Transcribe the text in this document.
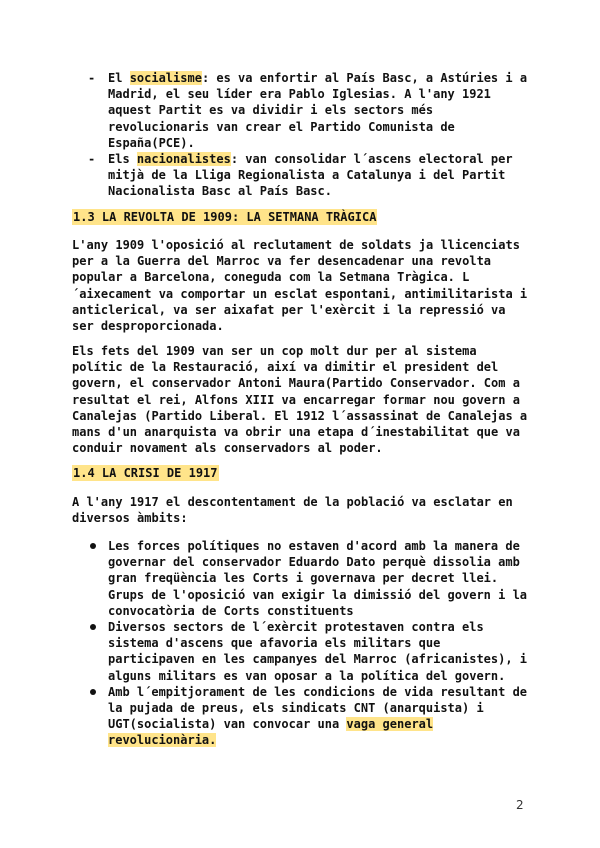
- El socialisme: es va enfortir al País Basc, a Astúries i a Madrid, el seu líder era Pablo Iglesias. A l'any 1921 aquest Partit es va dividir i els sectors més revolucionaris van crear el Partido Comunista de España(PCE).
- Els nacionalistes: van consolidar l´ascens electoral per mitjà de la Lliga Regionalista a Catalunya i del Partit Nacionalista Basc al País Basc.
1.3 LA REVOLTA DE 1909: LA SETMANA TRÀGICA

L'any 1909 l'oposició al reclutament de soldats ja llicenciats per a la Guerra del Marroc va fer desencadenar una revolta popular a Barcelona, coneguda com la Setmana Tràgica. L´aixecament va comportar un esclat espontani, antimilitarista i anticlerical, va ser aixafat per l'exèrcit i la repressió va ser desproporcionada.

Els fets del 1909 van ser un cop molt dur per al sistema polític de la Restauració, així va dimitir el president del govern, el conservador Antoni Maura(Partido Conservador. Com a resultat el rei, Alfons XIII va encarregar formar nou govern a Canalejas (Partido Liberal. El 1912 l´assassinat de Canalejas a mans d'un anarquista va obrir una etapa d´inestabilitat que va conduir novament als conservadors al poder.

1.4 LA CRISI DE 1917

A l'any 1917 el descontentament de la població va esclatar en diversos àmbits:

Les forces polítiques no estaven d'acord amb la manera de governar del conservador Eduardo Dato perquè dissolia amb gran freqüència les Corts i governava per decret llei. Grups de l'oposició van exigir la dimissió del govern i la convocatòria de Corts constituents
Diversos sectors de l´exèrcit protestaven contra els sistema d'ascens que afavoria els militars que participaven en les campanyes del Marroc (africanistes), i alguns militars es van oposar a la política del govern.
Amb l´empitjorament de les condicions de vida resultant de la pujada de preus, els sindicats CNT (anarquista) i UGT(socialista) van convocar una vaga general revolucionària.
2
